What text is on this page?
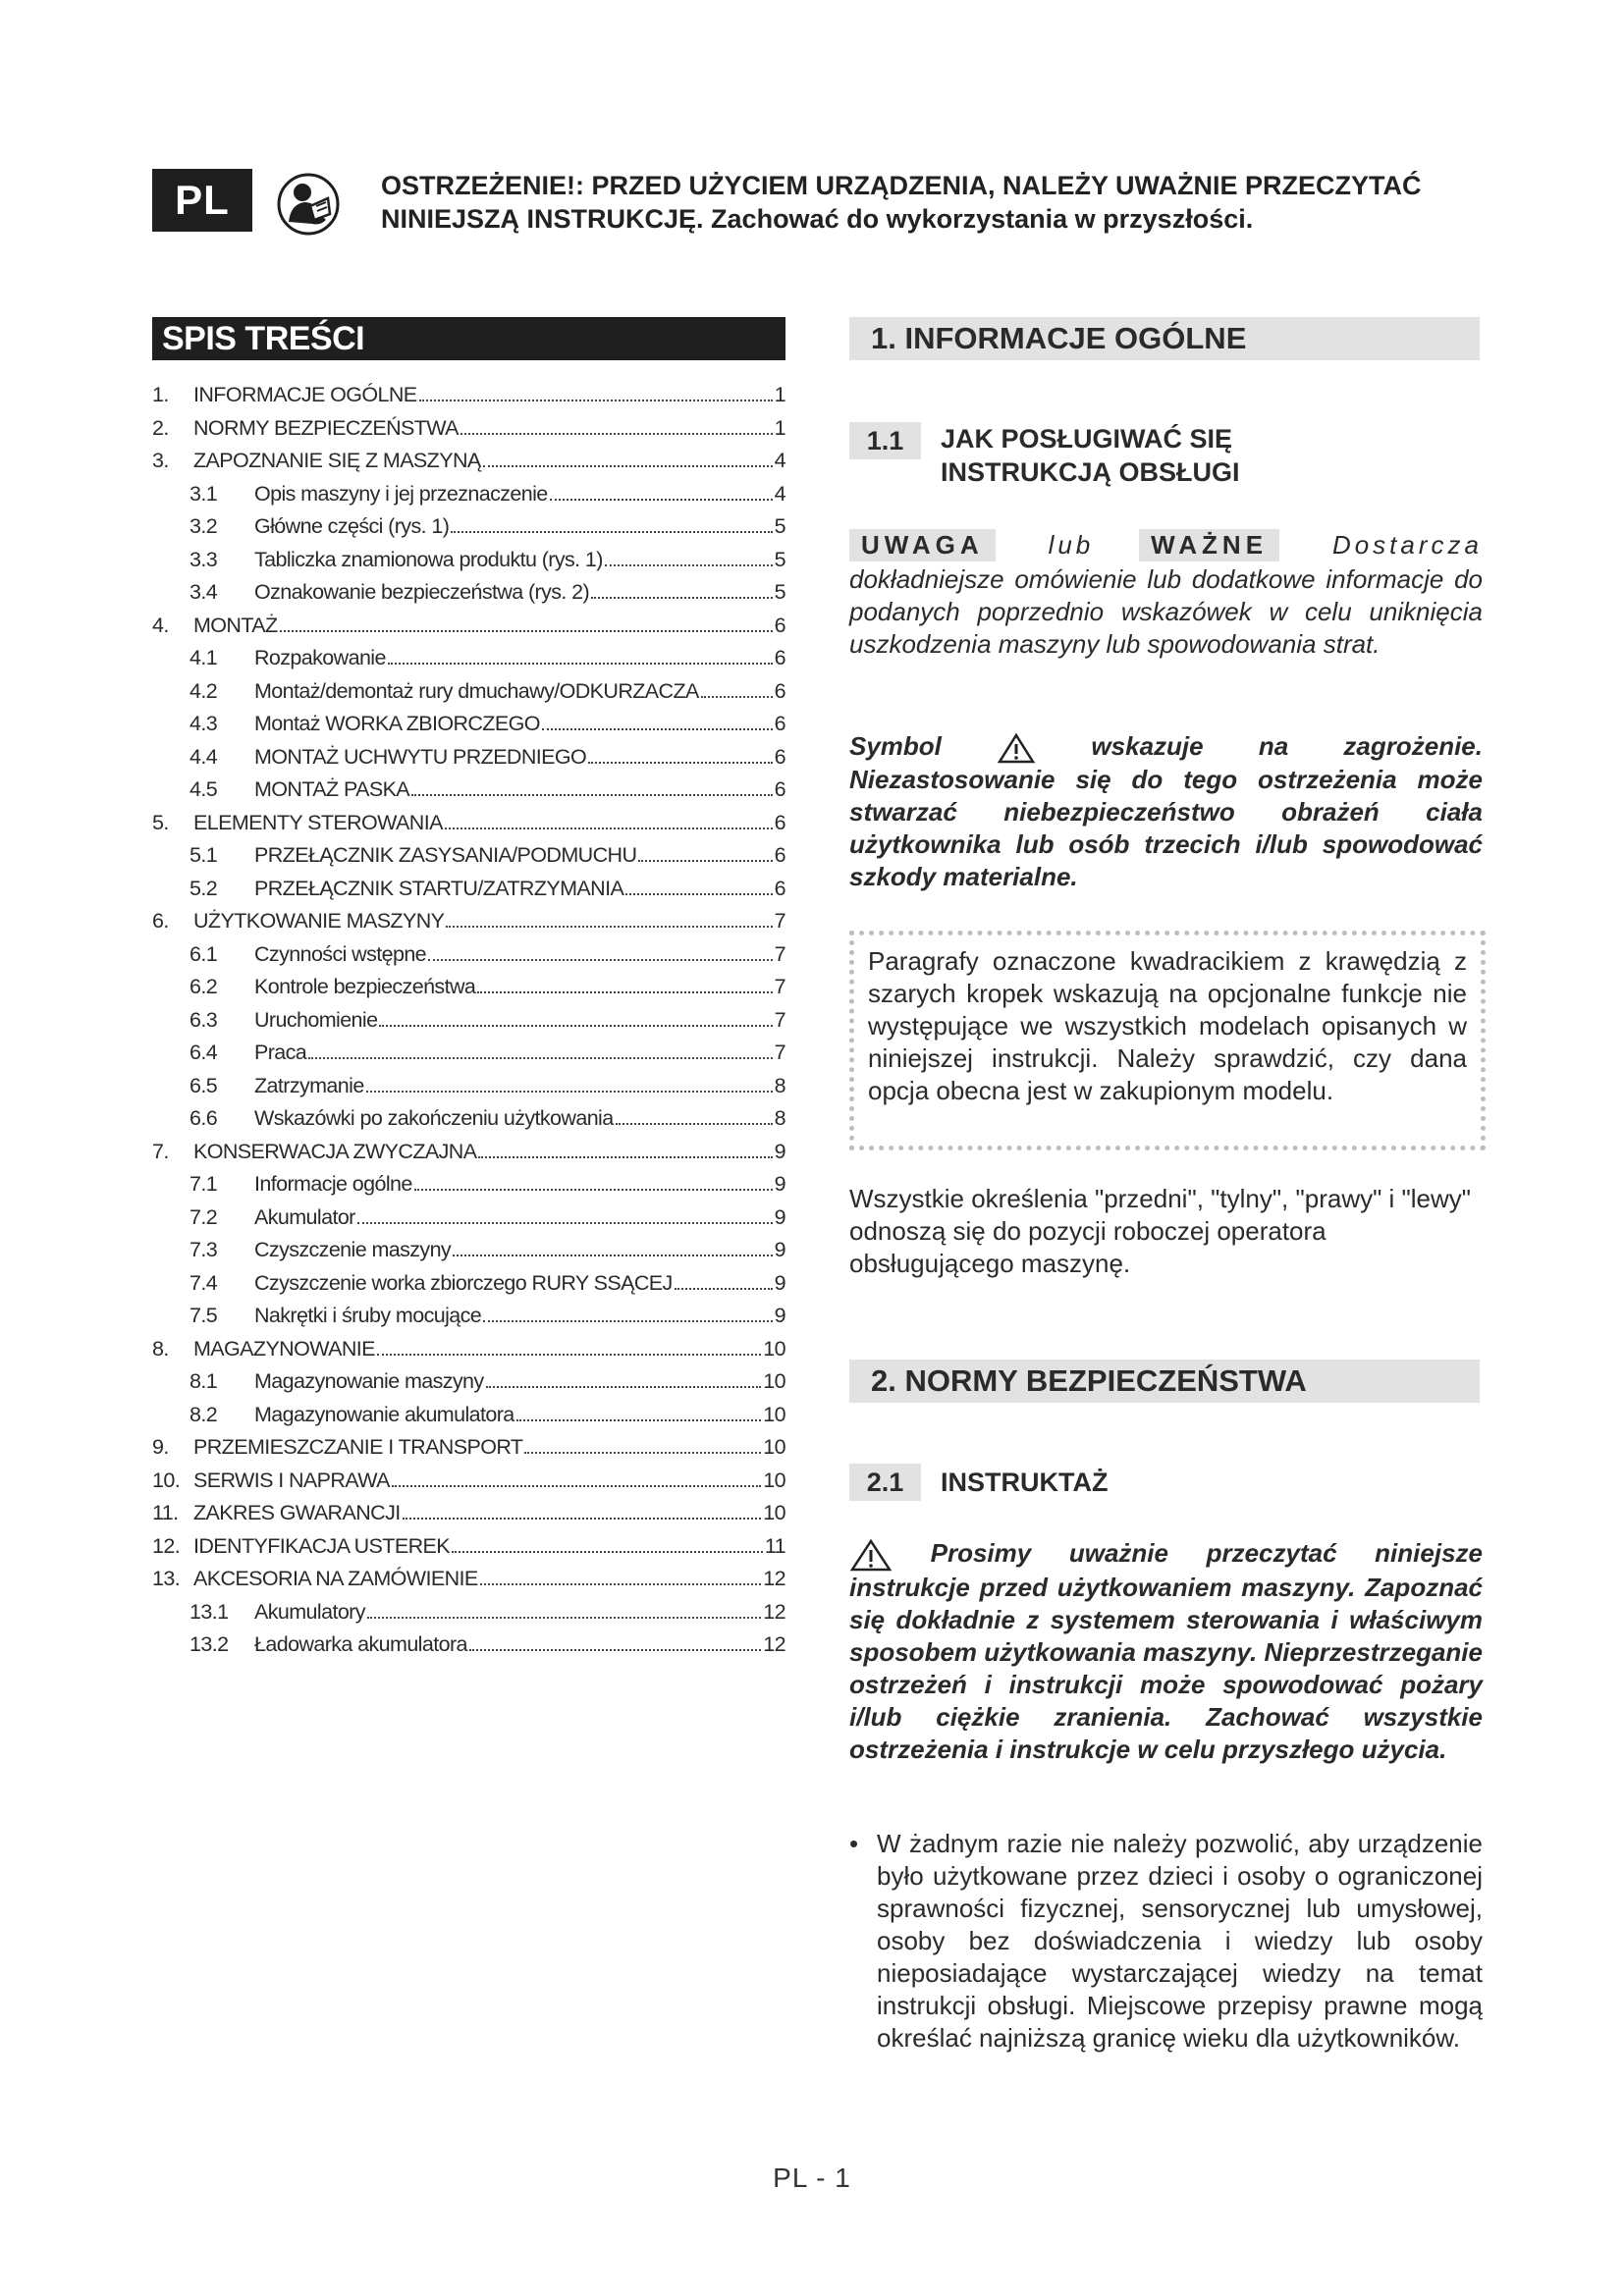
PL	OSTRZEŻENIE!: PRZED UŻYCIEM URZĄDZENIA, NALEŻY UWAŻNIE PRZECZYTAĆ
NINIEJSZĄ INSTRUKCJĘ. Zachować do wykorzystania w przyszłości.
SPIS TREŚCI
1.	INFORMACJE OGÓLNE	1
2.	NORMY BEZPIECZEŃSTWA	1
3.	ZAPOZNANIE SIĘ Z MASZYNĄ	4
3.1	Opis maszyny i jej przeznaczenie	4
3.2	Główne części (rys. 1)	5
3.3	Tabliczka znamionowa produktu (rys. 1)	5
3.4	Oznakowanie bezpieczeństwa (rys. 2)	5
4.	MONTAŻ	6
4.1	Rozpakowanie	6
4.2	Montaż/demontaż rury dmuchawy/ODKURZACZA	6
4.3	Montaż WORKA ZBIORCZEGO	6
4.4	MONTAŻ UCHWYTU PRZEDNIEGO	6
4.5	MONTAŻ PASKA	6
5.	ELEMENTY STEROWANIA	6
5.1	PRZEŁĄCZNIK ZASYSANIA/PODMUCHU	6
5.2	PRZEŁĄCZNIK STARTU/ZATRZYMANIA	6
6.	UŻYTKOWANIE MASZYNY	7
6.1	Czynności wstępne	7
6.2	Kontrole bezpieczeństwa	7
6.3	Uruchomienie	7
6.4	Praca	7
6.5	Zatrzymanie	8
6.6	Wskazówki po zakończeniu użytkowania	8
7.	KONSERWACJA ZWYCZAJNA	9
7.1	Informacje ogólne	9
7.2	Akumulator	9
7.3	Czyszczenie maszyny	9
7.4	Czyszczenie worka zbiorczego RURY SSĄCEJ	9
7.5	Nakrętki i śruby mocujące	9
8.	MAGAZYNOWANIE	10
8.1	Magazynowanie maszyny	10
8.2	Magazynowanie akumulatora	10
9.	PRZEMIESZCZANIE I TRANSPORT	10
10. SERWIS I NAPRAWA	10
11. ZAKRES GWARANCJI	10
12. IDENTYFIKACJA USTEREK	11
13. AKCESORIA NA ZAMÓWIENIE	12
13.1	Akumulatory	12
13.2	Ładowarka akumulatora	12
1. INFORMACJE OGÓLNE
1.1	JAK POSŁUGIWAĆ SIĘ
INSTRUKCJĄ OBSŁUGI
UWAGA	lub	WAŻNE	Dostarcza
dokładniejsze omówienie lub dodatkowe informacje do podanych poprzednio wskazówek w celu uniknięcia uszkodzenia maszyny lub spowodowania strat.
Symbol	wskazuje na zagrożenie. Niezastosowanie się do tego ostrzeżenia może stwarzać niebezpieczeństwo obrażeń ciała użytkownika lub osób trzecich i/lub spowodować szkody materialne.
Paragrafy oznaczone kwadracikiem z krawędzią z szarych kropek wskazują na opcjonalne funkcje nie występujące we wszystkich modelach opisanych w niniejszej instrukcji. Należy sprawdzić, czy dana opcja obecna jest w zakupionym modelu.
Wszystkie określenia "przedni", "tylny", "prawy" i "lewy" odnoszą się do pozycji roboczej operatora obsługującego maszynę.
2. NORMY BEZPIECZEŃSTWA
2.1	INSTRUKTAŻ
Prosimy uważnie przeczytać niniejsze instrukcje przed użytkowaniem maszyny. Zapoznać się dokładnie z systemem sterowania i właściwym sposobem użytkowania maszyny. Nieprzestrzeganie ostrzeżeń i instrukcji może spowodować pożary i/lub ciężkie zranienia. Zachować wszystkie ostrzeżenia i instrukcje w celu przyszłego użycia.
• W żadnym razie nie należy pozwolić, aby urządzenie było użytkowane przez dzieci i osoby o ograniczonej sprawności fizycznej, sensorycznej lub umysłowej, osoby bez doświadczenia i wiedzy lub osoby nieposiadające wystarczającej wiedzy na temat instrukcji obsługi. Miejscowe przepisy prawne mogą określać najniższą granicę wieku dla użytkowników.
PL - 1
